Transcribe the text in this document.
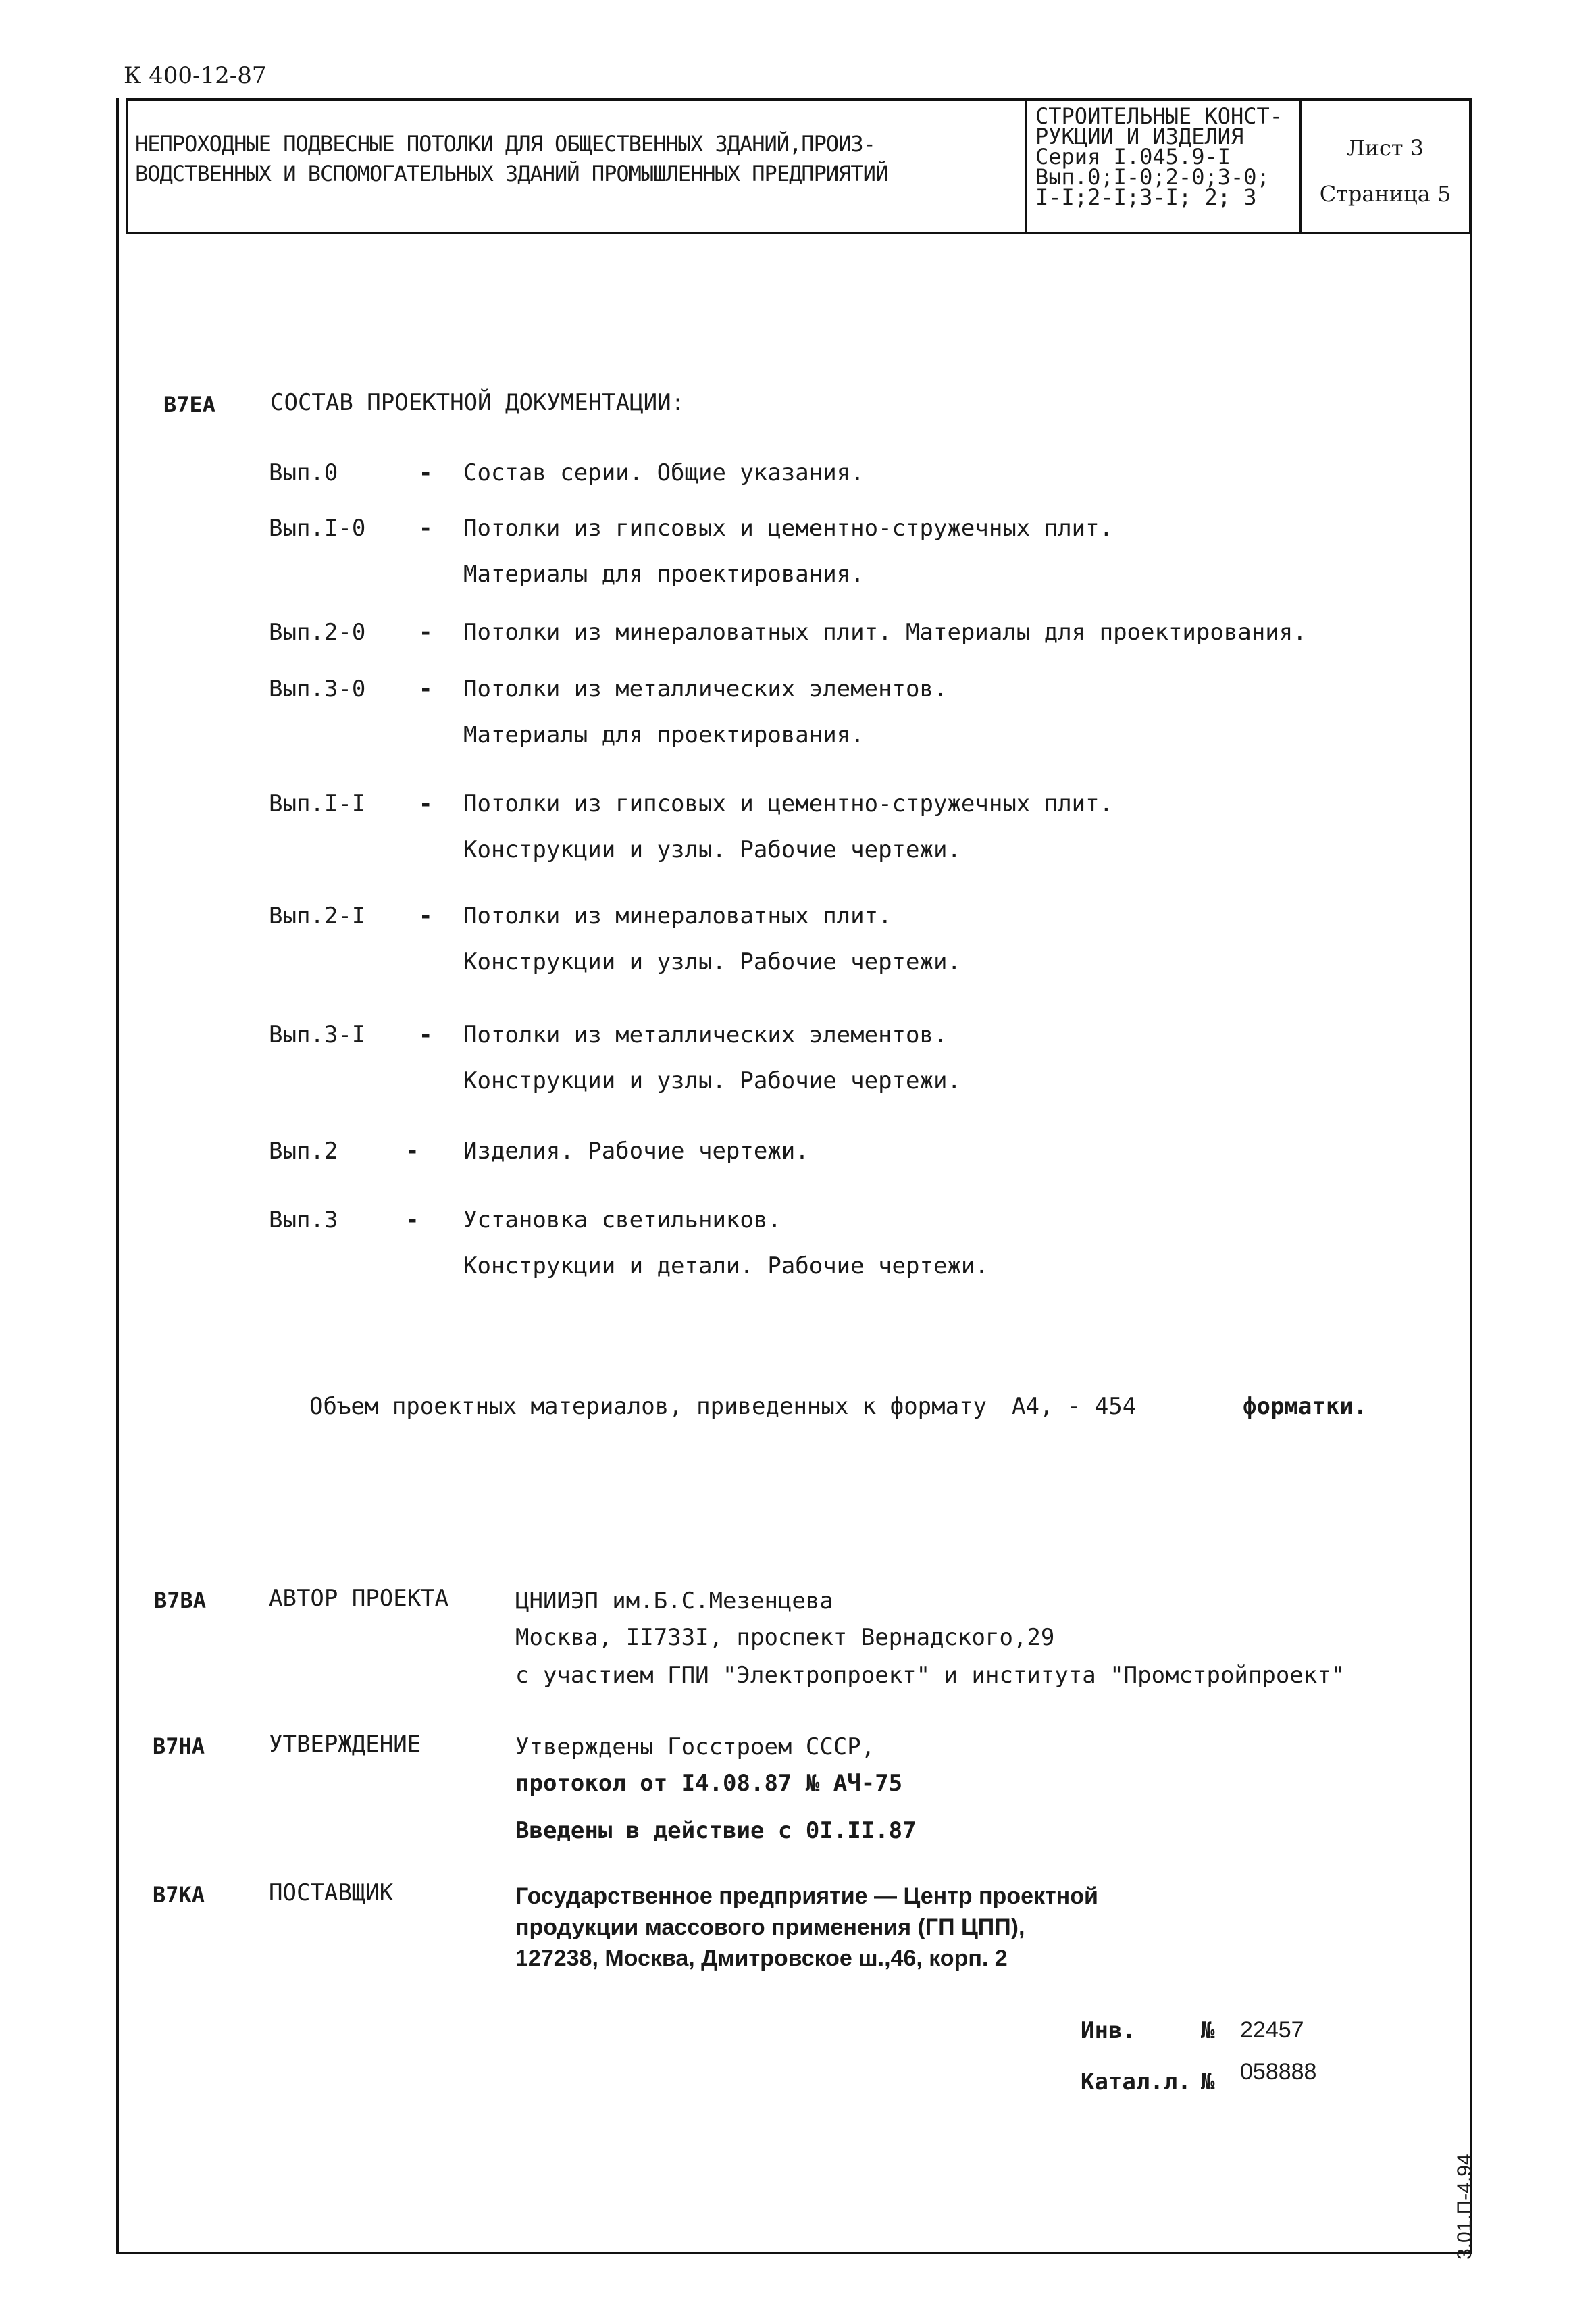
К 400-12-87
НЕПРОХОДНЫЕ ПОДВЕСНЫЕ ПОТОЛКИ ДЛЯ ОБЩЕСТВЕННЫХ ЗДАНИЙ,ПРОИЗ-
ВОДСТВЕННЫХ И ВСПОМОГАТЕЛЬНЫХ ЗДАНИЙ ПРОМЫШЛЕННЫХ ПРЕДПРИЯТИЙ
СТРОИТЕЛЬНЫЕ КОНСТ-
РУКЦИИ И ИЗДЕЛИЯ
Серия I.045.9-I
Вып.0;I-0;2-0;3-0;
I-I;2-I;3-I; 2; 3
Лист 3
Страница 5
В7ЕА СОСТАВ ПРОЕКТНОЙ ДОКУМЕНТАЦИИ:
Вып.0	- Состав серии. Общие указания.
Вып.I-0 - Потолки из гипсовых и цементно-стружечных плит.
Материалы для проектирования.
Вып.2-0 - Потолки из минераловатных плит. Материалы для проектирования.
Вып.3-0 - Потолки из металлических элементов.
Материалы для проектирования.
Вып.I-I - Потолки из гипсовых и цементно-стружечных плит.
Конструкции и узлы. Рабочие чертежи.
Вып.2-I - Потолки из минераловатных плит.
Конструкции и узлы. Рабочие чертежи.
Вып.3-I - Потолки из металлических элементов.
Конструкции и узлы. Рабочие чертежи.
Вып.2	- Изделия. Рабочие чертежи.
Вып.3	- Установка светильников.
Конструкции и детали. Рабочие чертежи.
Объем проектных материалов, приведенных к формату А4, - 454	форматки.
В7ВА	АВТОР ПРОЕКТА	ЦНИИЭП им.Б.С.Мезенцева
Москва, II733I, проспект Вернадского,29
с участием ГПИ "Электропроект" и института "Промстройпроект"
В7НА	УТВЕРЖДЕНИЕ	Утверждены Госстроем СССР,
протокол от I4.08.87 № АЧ-75
Введены в действие с 0I.II.87
В7КА	ПОСТАВЩИК	Государственное предприятие — Центр проектной
продукции массового применения (ГП ЦПП),
127238, Москва, Дмитровское ш.,46, корп. 2
Инв.	№ 22457
Катал.л. № 058888
3.01.П-4.94
